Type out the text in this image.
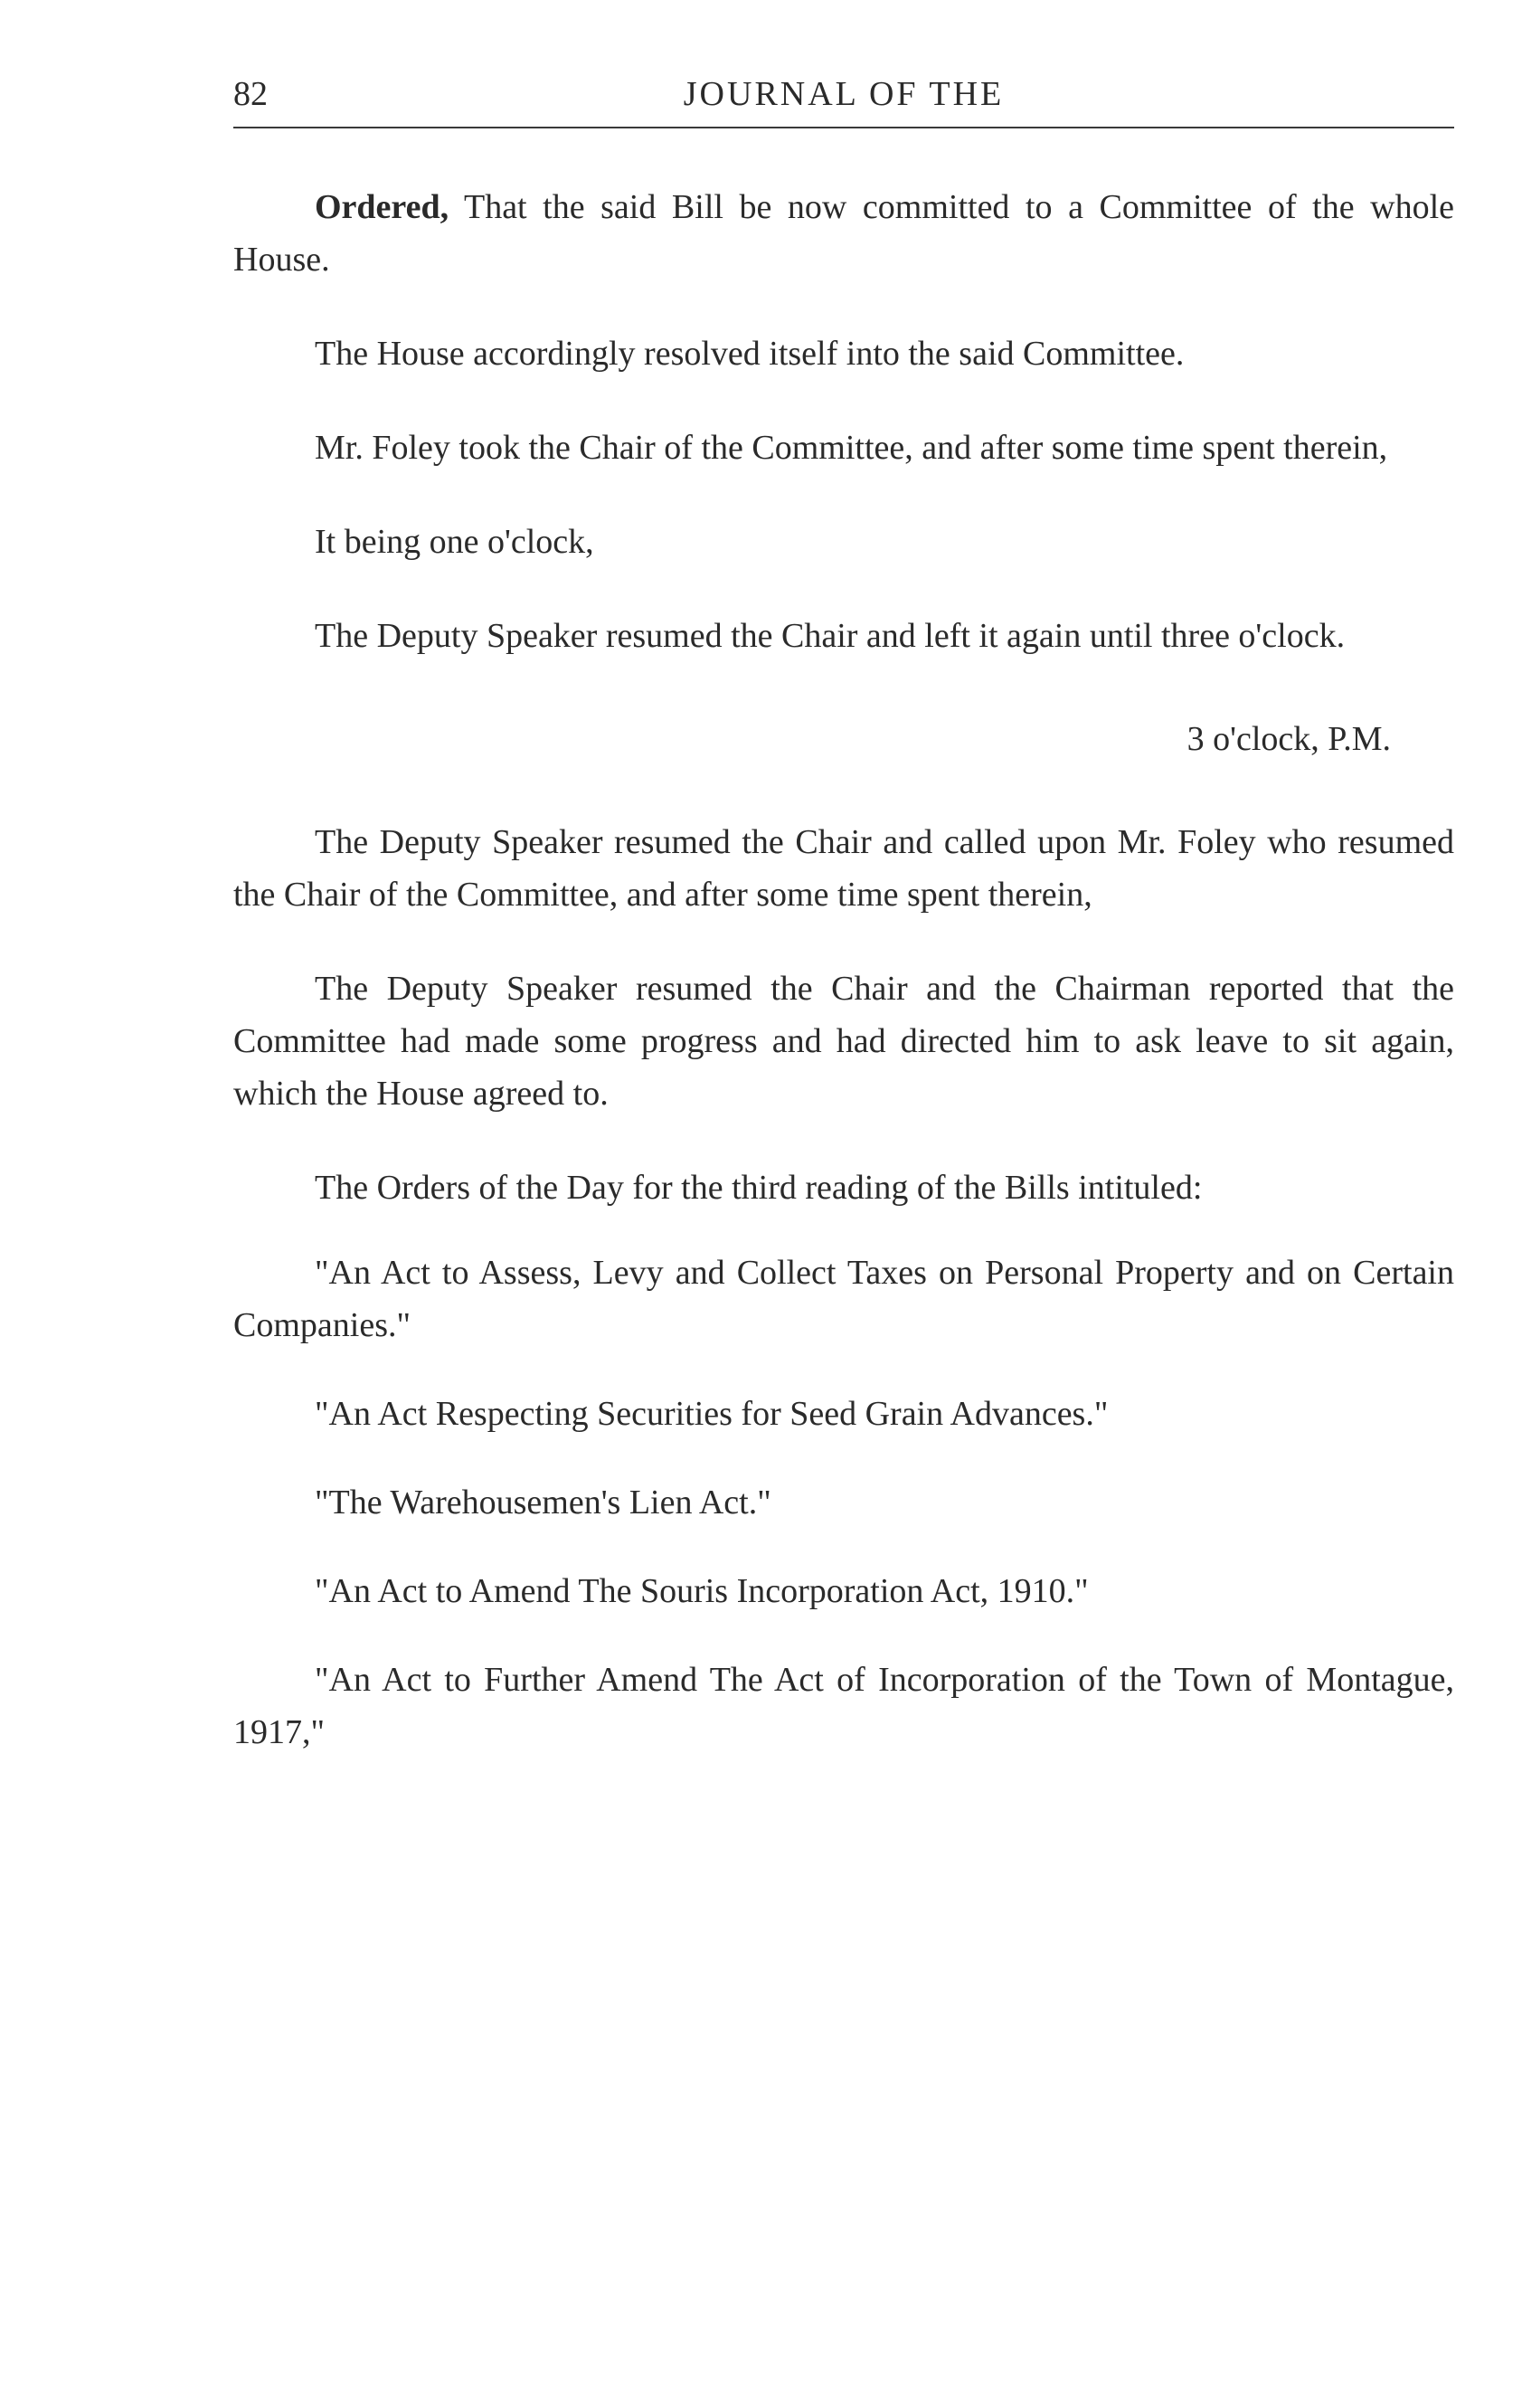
82	JOURNAL OF THE

Ordered, That the said Bill be now committed to a Committee of the whole House.

The House accordingly resolved itself into the said Committee.

Mr. Foley took the Chair of the Committee, and after some time spent therein,

It being one o'clock,

The Deputy Speaker resumed the Chair and left it again until three o'clock.

3 o'clock, P.M.

The Deputy Speaker resumed the Chair and called upon Mr. Foley who resumed the Chair of the Committee, and after some time spent therein,

The Deputy Speaker resumed the Chair and the Chairman reported that the Committee had made some progress and had directed him to ask leave to sit again, which the House agreed to.

The Orders of the Day for the third reading of the Bills intituled:

"An Act to Assess, Levy and Collect Taxes on Personal Property and on Certain Companies."

"An Act Respecting Securities for Seed Grain Advances."

"The Warehousemen's Lien Act."

"An Act to Amend The Souris Incorporation Act, 1910."

"An Act to Further Amend The Act of Incorporation of the Town of Montague, 1917,"
